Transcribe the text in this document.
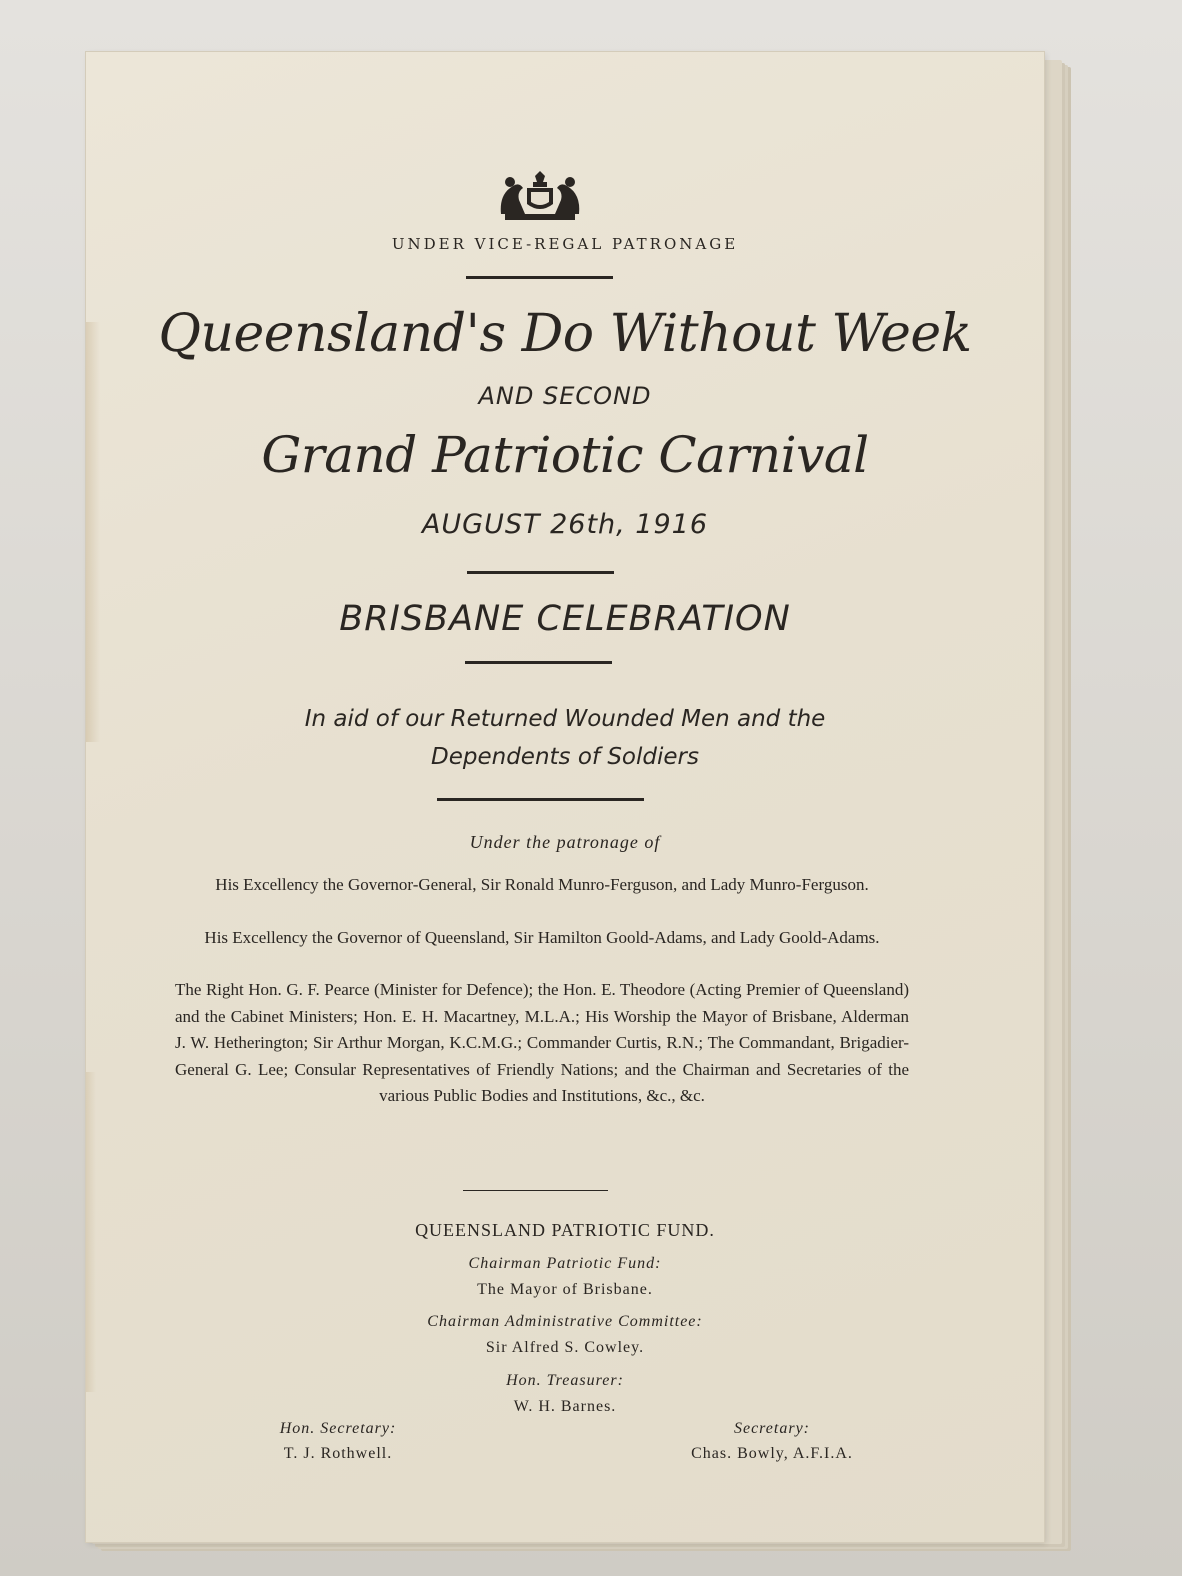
UNDER VICE-REGAL PATRONAGE
Queensland's Do Without Week
AND SECOND
Grand Patriotic Carnival
AUGUST 26th, 1916
BRISBANE CELEBRATION
In aid of our Returned Wounded Men and the
Dependents of Soldiers
Under the patronage of
His Excellency the Governor-General, Sir Ronald Munro-Ferguson, and Lady Munro-Ferguson.
His Excellency the Governor of Queensland, Sir Hamilton Goold-Adams, and Lady Goold-Adams.
The Right Hon. G. F. Pearce (Minister for Defence); the Hon. E. Theodore (Acting Premier of Queensland) and the Cabinet Ministers; Hon. E. H. Macartney, M.L.A.; His Worship the Mayor of Brisbane, Alderman J. W. Hetherington; Sir Arthur Morgan, K.C.M.G.; Commander Curtis, R.N.; The Commandant, Brigadier-General G. Lee; Consular Representatives of Friendly Nations; and the Chairman and Secretaries of the various Public Bodies and Institutions, &c., &c.
QUEENSLAND PATRIOTIC FUND.
Chairman Patriotic Fund:
The Mayor of Brisbane.
Chairman Administrative Committee:
Sir Alfred S. Cowley.
Hon. Treasurer:
W. H. Barnes.
Hon. Secretary:
T. J. Rothwell.
Secretary:
Chas. Bowly, A.F.I.A.
